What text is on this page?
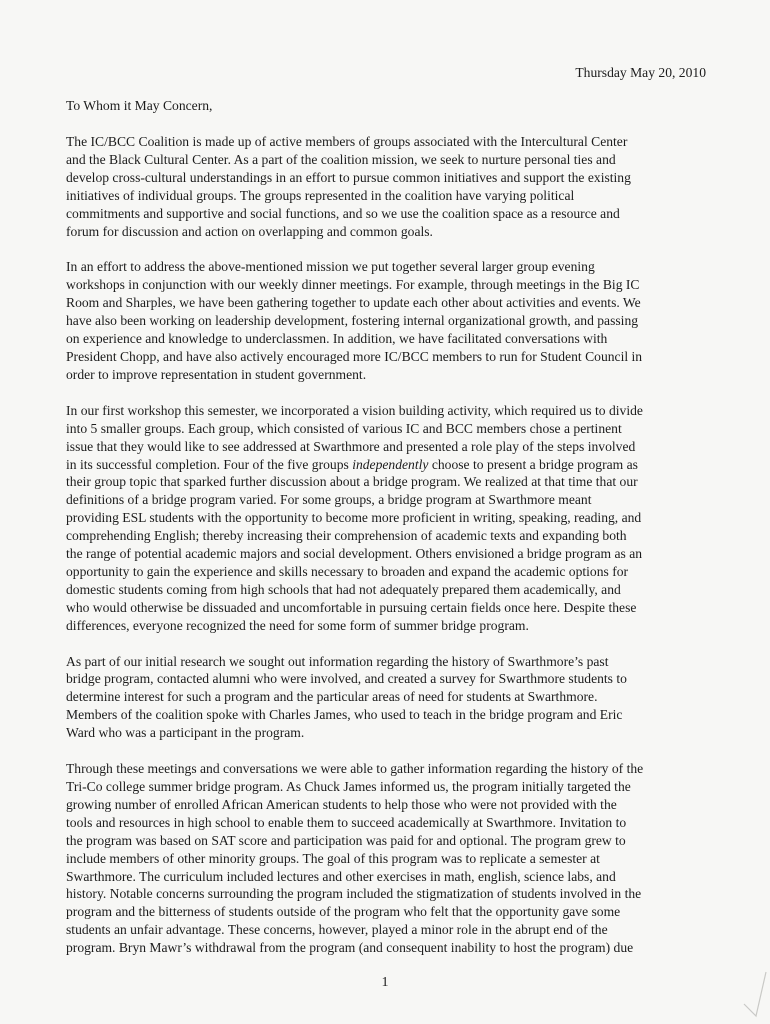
Thursday May 20, 2010

To Whom it May Concern,

The IC/BCC Coalition is made up of active members of groups associated with the Intercultural Center
and the Black Cultural Center. As a part of the coalition mission, we seek to nurture personal ties and
develop cross-cultural understandings in an effort to pursue common initiatives and support the existing
initiatives of individual groups. The groups represented in the coalition have varying political
commitments and supportive and social functions, and so we use the coalition space as a resource and
forum for discussion and action on overlapping and common goals.

In an effort to address the above-mentioned mission we put together several larger group evening
workshops in conjunction with our weekly dinner meetings. For example, through meetings in the Big IC
Room and Sharples, we have been gathering together to update each other about activities and events. We
have also been working on leadership development, fostering internal organizational growth, and passing
on experience and knowledge to underclassmen. In addition, we have facilitated conversations with
President Chopp, and have also actively encouraged more IC/BCC members to run for Student Council in
order to improve representation in student government.

In our first workshop this semester, we incorporated a vision building activity, which required us to divide
into 5 smaller groups. Each group, which consisted of various IC and BCC members chose a pertinent
issue that they would like to see addressed at Swarthmore and presented a role play of the steps involved
in its successful completion. Four of the five groups independently choose to present a bridge program as
their group topic that sparked further discussion about a bridge program. We realized at that time that our
definitions of a bridge program varied. For some groups, a bridge program at Swarthmore meant
providing ESL students with the opportunity to become more proficient in writing, speaking, reading, and
comprehending English; thereby increasing their comprehension of academic texts and expanding both
the range of potential academic majors and social development. Others envisioned a bridge program as an
opportunity to gain the experience and skills necessary to broaden and expand the academic options for
domestic students coming from high schools that had not adequately prepared them academically, and
who would otherwise be dissuaded and uncomfortable in pursuing certain fields once here. Despite these
differences, everyone recognized the need for some form of summer bridge program.

As part of our initial research we sought out information regarding the history of Swarthmore’s past
bridge program, contacted alumni who were involved, and created a survey for Swarthmore students to
determine interest for such a program and the particular areas of need for students at Swarthmore.
Members of the coalition spoke with Charles James, who used to teach in the bridge program and Eric
Ward who was a participant in the program.

Through these meetings and conversations we were able to gather information regarding the history of the
Tri-Co college summer bridge program. As Chuck James informed us, the program initially targeted the
growing number of enrolled African American students to help those who were not provided with the
tools and resources in high school to enable them to succeed academically at Swarthmore. Invitation to
the program was based on SAT score and participation was paid for and optional. The program grew to
include members of other minority groups. The goal of this program was to replicate a semester at
Swarthmore. The curriculum included lectures and other exercises in math, english, science labs, and
history. Notable concerns surrounding the program included the stigmatization of students involved in the
program and the bitterness of students outside of the program who felt that the opportunity gave some
students an unfair advantage. These concerns, however, played a minor role in the abrupt end of the
program. Bryn Mawr’s withdrawal from the program (and consequent inability to host the program) due

1
